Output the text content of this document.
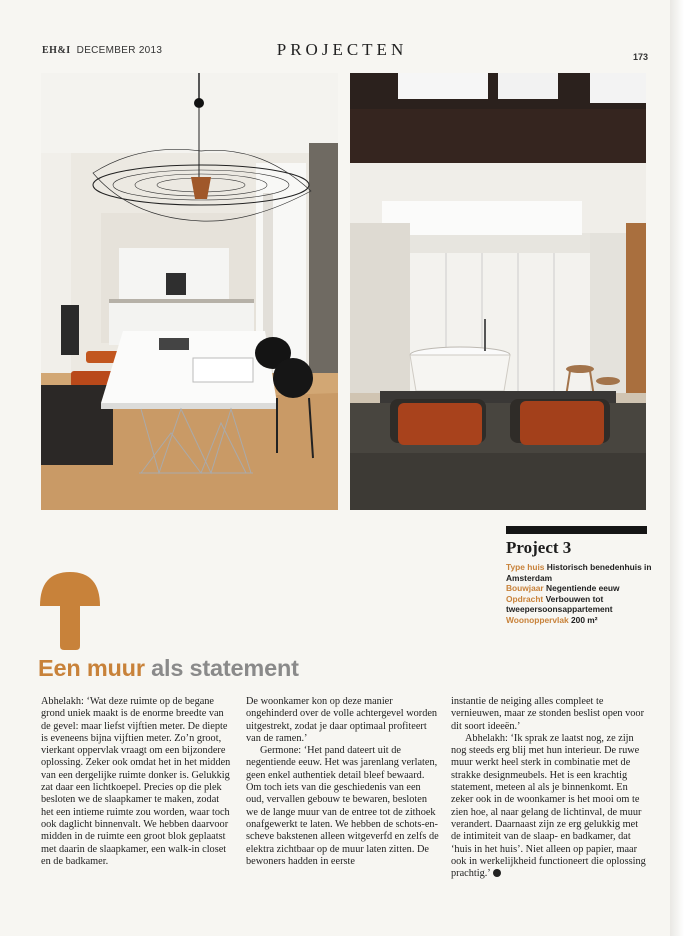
EH&I DECEMBER 2013	PROJECTEN	173
Project 3
Type huis Historisch benedenhuis in Amsterdam
Bouwjaar Negentiende eeuw
Opdracht Verbouwen tot tweepersoonsappartement
Woonoppervlak 200 m²
Een muur als statement

Abhelakh: ‘Wat deze ruimte op de begane grond uniek maakt is de enorme breedte van de gevel: maar liefst vijftien meter. De diepte is eveneens bijna vijftien meter. Zo’n groot, vierkant oppervlak vraagt om een bijzondere oplossing. Zeker ook omdat het in het midden van een dergelijke ruimte donker is. Gelukkig zat daar een lichtkoepel. Precies op die plek besloten we de slaapkamer te maken, zodat het een intieme ruimte zou worden, waar toch ook daglicht binnenvalt. We hebben daarvoor midden in de ruimte een groot blok geplaatst met daarin de slaapkamer, een walk-in closet en de badkamer.

De woonkamer kon op deze manier ongehinderd over de volle achtergevel worden uitgestrekt, zodat je daar optimaal profiteert van de ramen.’

Germone: ‘Het pand dateert uit de negentiende eeuw. Het was jarenlang verlaten, geen enkel authentiek detail bleef bewaard. Om toch iets van die geschiedenis van een oud, vervallen gebouw te bewaren, besloten we de lange muur van de entree tot de zithoek onafgewerkt te laten. We hebben de schots-en-scheve bakstenen alleen witgeverfd en zelfs de elektra zichtbaar op de muur laten zitten. De bewoners hadden in eerste

instantie de neiging alles compleet te vernieuwen, maar ze stonden beslist open voor dit soort ideeën.’

Abhelakh: ‘Ik sprak ze laatst nog, ze zijn nog steeds erg blij met hun interieur. De ruwe muur werkt heel sterk in combinatie met de strakke designmeubels. Het is een krachtig statement, meteen al als je binnenkomt. En zeker ook in de woonkamer is het mooi om te zien hoe, al naar gelang de lichtinval, de muur verandert. Daarnaast zijn ze erg gelukkig met de intimiteit van de slaap- en badkamer, dat ‘huis in het huis’. Niet alleen op papier, maar ook in werkelijkheid functioneert die oplossing prachtig.’
